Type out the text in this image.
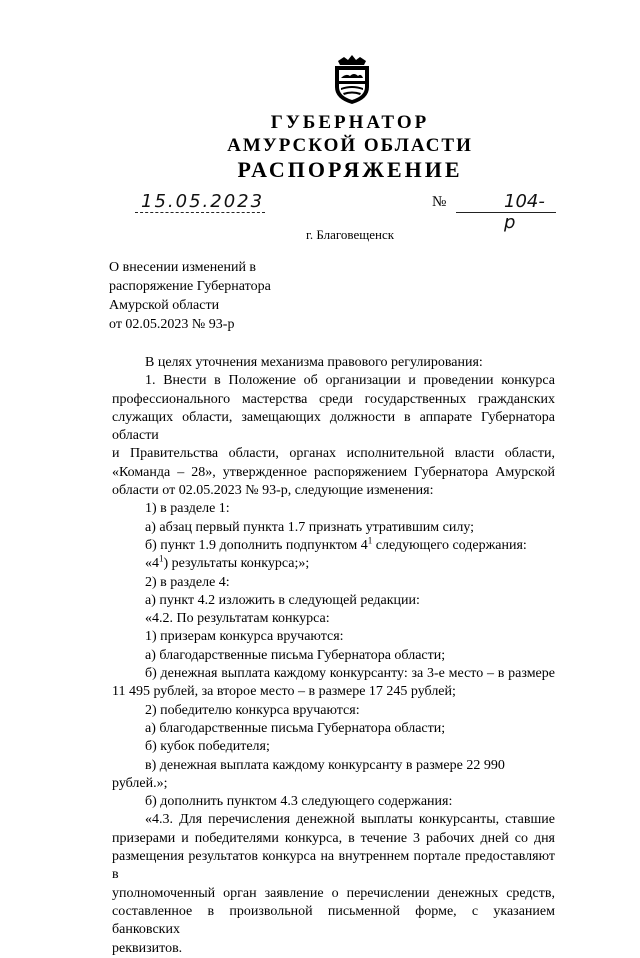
ГУБЕРНАТОР
АМУРСКОЙ ОБЛАСТИ
РАСПОРЯЖЕНИЕ
15.05.2023	№	104-р
г. Благовещенск
О внесении изменений в
распоряжение Губернатора
Амурской области
от 02.05.2023 № 93-р

В целях уточнения механизма правового регулирования:

1. Внести в Положение об организации и проведении конкурса

профессионального мастерства среди государственных гражданских

служащих области, замещающих должности в аппарате Губернатора области

и Правительства области, органах исполнительной власти области,

«Команда – 28», утвержденное распоряжением Губернатора Амурской

области от 02.05.2023 № 93-р, следующие изменения:

1) в разделе 1:

а) абзац первый пункта 1.7 признать утратившим силу;

б) пункт 1.9 дополнить подпунктом $4^1$ следующего содержания:

«$4^1$) результаты конкурса;»;

2) в разделе 4:

а) пункт 4.2 изложить в следующей редакции:

«4.2. По результатам конкурса:

1) призерам конкурса вручаются:

а) благодарственные письма Губернатора области;

б) денежная выплата каждому конкурсанту: за 3-е место – в размере

11 495 рублей, за второе место – в размере 17 245 рублей;

2) победителю конкурса вручаются:

а) благодарственные письма Губернатора области;

б) кубок победителя;

в) денежная выплата каждому конкурсанту в размере 22 990 рублей.»;

б) дополнить пунктом 4.3 следующего содержания:

«4.3. Для перечисления денежной выплаты конкурсанты, ставшие

призерами и победителями конкурса, в течение 3 рабочих дней со дня

размещения результатов конкурса на внутреннем портале предоставляют в

уполномоченный орган заявление о перечислении денежных средств,

составленное в произвольной письменной форме, с указанием банковских

реквизитов.
